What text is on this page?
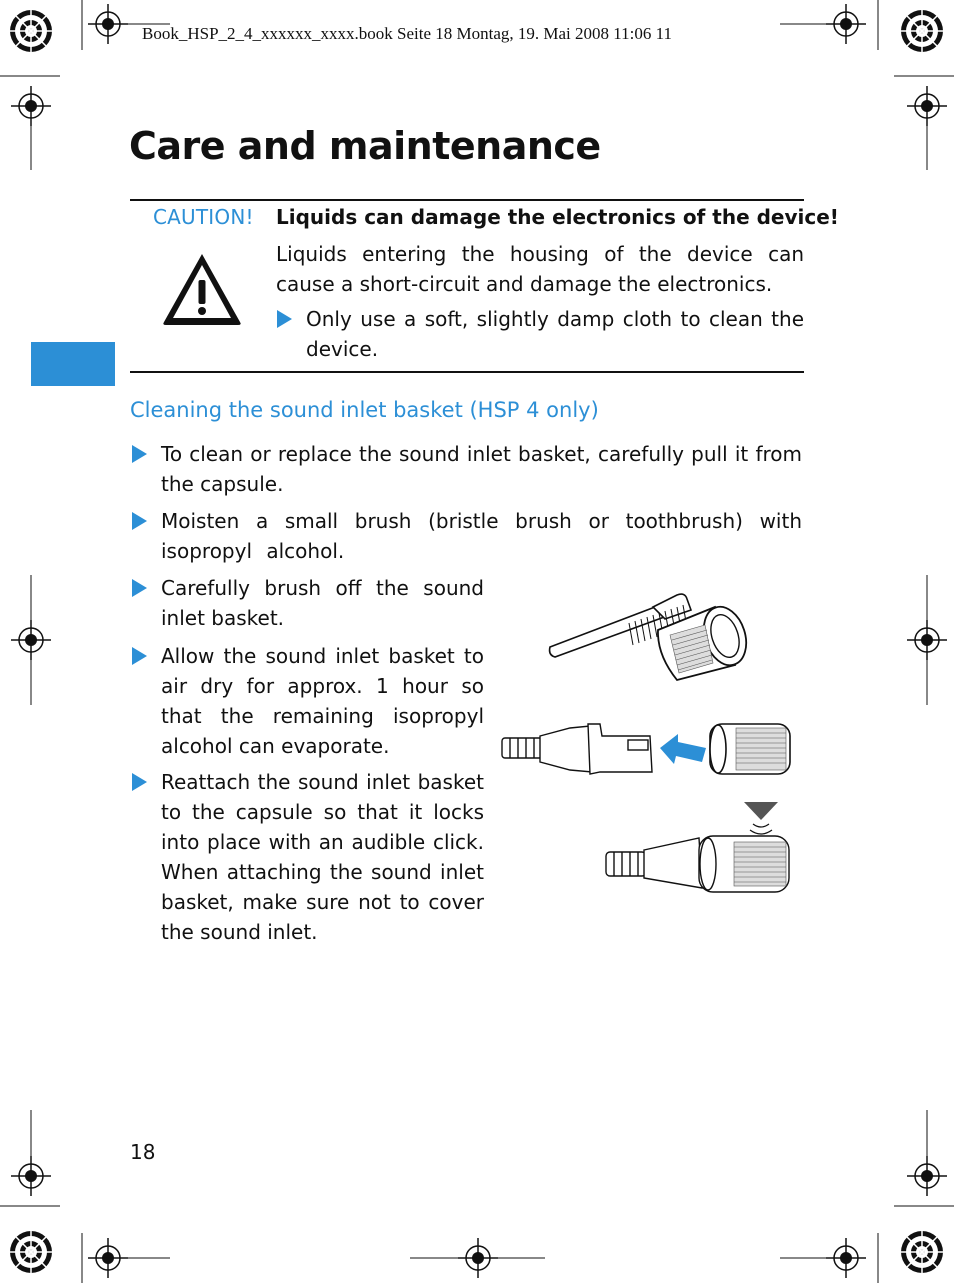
Book_HSP_2_4_xxxxxx_xxxx.book Seite 18 Montag, 19. Mai 2008 11:06 11
Care and maintenance
CAUTION! Liquids can damage the electronics of the device!
Liquids entering the housing of the device can cause a short-circuit and damage the electronics.
Only use a soft, slightly damp cloth to clean the device.
Cleaning the sound inlet basket (HSP 4 only)
To clean or replace the sound inlet basket, carefully pull it from the capsule.
Moisten a small brush (bristle brush or toothbrush) with isopropyl alcohol.
Carefully brush off the sound inlet basket.
Allow the sound inlet basket to air dry for approx. 1 hour so that the remaining isopropyl alcohol can evaporate.
Reattach the sound inlet basket to the capsule so that it locks into place with an audible click. When attaching the sound inlet basket, make sure not to cover the sound inlet.
18
